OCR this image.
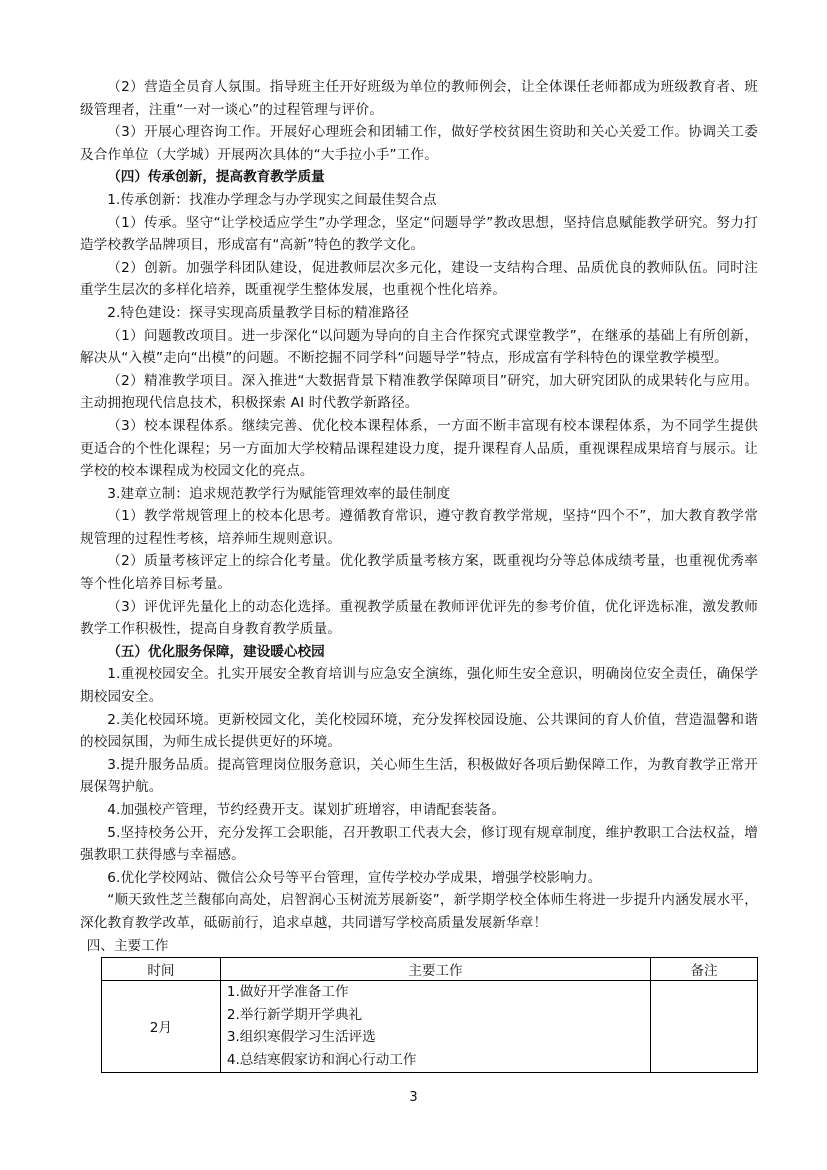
（2）营造全员育人氛围。指导班主任开好班级为单位的教师例会，让全体课任老师都成为班级教育者、班级管理者，注重“一对一谈心”的过程管理与评价。

（3）开展心理咨询工作。开展好心理班会和团辅工作，做好学校贫困生资助和关心关爱工作。协调关工委及合作单位（大学城）开展两次具体的“大手拉小手”工作。

（四）传承创新，提高教育教学质量

1.传承创新：找准办学理念与办学现实之间最佳契合点

（1）传承。坚守“让学校适应学生”办学理念，坚定“问题导学”教改思想，坚持信息赋能教学研究。努力打造学校教学品牌项目，形成富有“高新”特色的教学文化。

（2）创新。加强学科团队建设，促进教师层次多元化，建设一支结构合理、品质优良的教师队伍。同时注重学生层次的多样化培养，既重视学生整体发展，也重视个性化培养。

2.特色建设：探寻实现高质量教学目标的精准路径

（1）问题教改项目。进一步深化“以问题为导向的自主合作探究式课堂教学”，在继承的基础上有所创新，解决从“入模”走向“出模”的问题。不断挖掘不同学科“问题导学”特点，形成富有学科特色的课堂教学模型。

（2）精准教学项目。深入推进“大数据背景下精准教学保障项目”研究，加大研究团队的成果转化与应用。主动拥抱现代信息技术，积极探索 AI 时代教学新路径。

（3）校本课程体系。继续完善、优化校本课程体系，一方面不断丰富现有校本课程体系，为不同学生提供更适合的个性化课程；另一方面加大学校精品课程建设力度，提升课程育人品质，重视课程成果培育与展示。让学校的校本课程成为校园文化的亮点。

3.建章立制：追求规范教学行为赋能管理效率的最佳制度

（1）教学常规管理上的校本化思考。遵循教育常识，遵守教育教学常规，坚持“四个不”，加大教育教学常规管理的过程性考核，培养师生规则意识。

（2）质量考核评定上的综合化考量。优化教学质量考核方案，既重视均分等总体成绩考量，也重视优秀率等个性化培养目标考量。

（3）评优评先量化上的动态化选择。重视教学质量在教师评优评先的参考价值，优化评选标准，激发教师教学工作积极性，提高自身教育教学质量。

（五）优化服务保障，建设暖心校园

1.重视校园安全。扎实开展安全教育培训与应急安全演练，强化师生安全意识，明确岗位安全责任，确保学期校园安全。

2.美化校园环境。更新校园文化，美化校园环境，充分发挥校园设施、公共课间的育人价值，营造温馨和谐的校园氛围，为师生成长提供更好的环境。

3.提升服务品质。提高管理岗位服务意识，关心师生生活，积极做好各项后勤保障工作，为教育教学正常开展保驾护航。

4.加强校产管理，节约经费开支。谋划扩班增容，申请配套装备。

5.坚持校务公开，充分发挥工会职能，召开教职工代表大会，修订现有规章制度，维护教职工合法权益，增强教职工获得感与幸福感。

6.优化学校网站、微信公众号等平台管理，宣传学校办学成果，增强学校影响力。

“顺天致性芝兰馥郁向高处，启智润心玉树流芳展新姿”，新学期学校全体师生将进一步提升内涵发展水平，深化教育教学改革，砥砺前行，追求卓越，共同谱写学校高质量发展新华章！

四、主要工作

时间	主要工作	备注
2月	1.做好开学准备工作
2.举行新学期开学典礼
3.组织寒假学习生活评选
4.总结寒假家访和润心行动工作	

3
